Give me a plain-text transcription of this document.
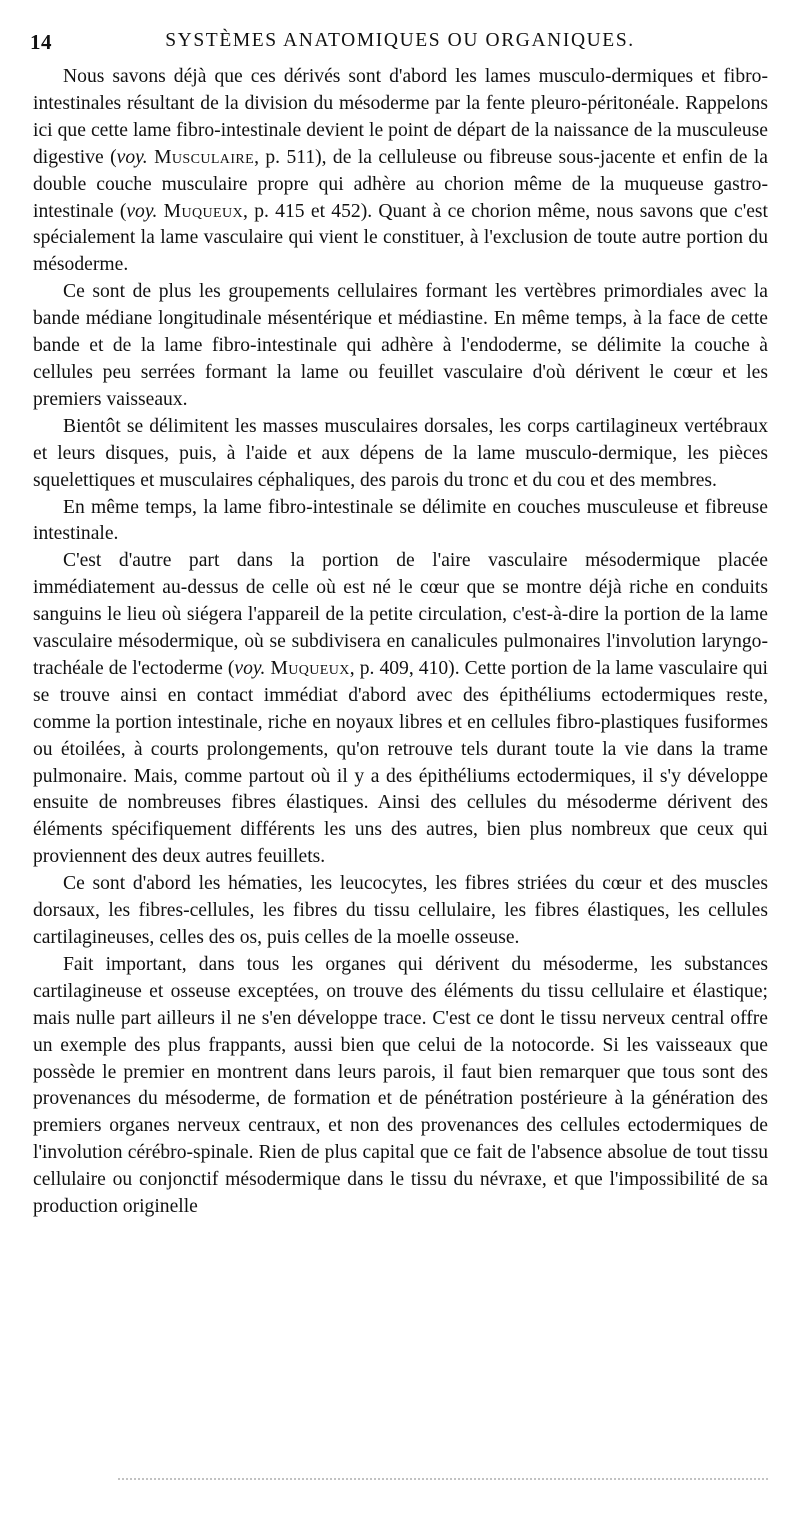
14	SYSTÈMES ANATOMIQUES OU ORGANIQUES.

Nous savons déjà que ces dérivés sont d'abord les lames musculo-dermiques et fibro-intestinales résultant de la division du mésoderme par la fente pleuro-péritonéale. Rappelons ici que cette lame fibro-intestinale devient le point de départ de la naissance de la musculeuse digestive (voy. Musculaire, p. 511), de la celluleuse ou fibreuse sous-jacente et enfin de la double couche musculaire propre qui adhère au chorion même de la muqueuse gastro-intestinale (voy. Muqueux, p. 415 et 452). Quant à ce chorion même, nous savons que c'est spécialement la lame vasculaire qui vient le constituer, à l'exclusion de toute autre portion du mésoderme.

Ce sont de plus les groupements cellulaires formant les vertèbres primordiales avec la bande médiane longitudinale mésentérique et médiastine. En même temps, à la face de cette bande et de la lame fibro-intestinale qui adhère à l'endoderme, se délimite la couche à cellules peu serrées formant la lame ou feuillet vasculaire d'où dérivent le cœur et les premiers vaisseaux.

Bientôt se délimitent les masses musculaires dorsales, les corps cartilagineux vertébraux et leurs disques, puis, à l'aide et aux dépens de la lame musculo-dermique, les pièces squelettiques et musculaires céphaliques, des parois du tronc et du cou et des membres.

En même temps, la lame fibro-intestinale se délimite en couches musculeuse et fibreuse intestinale.

C'est d'autre part dans la portion de l'aire vasculaire mésodermique placée immédiatement au-dessus de celle où est né le cœur que se montre déjà riche en conduits sanguins le lieu où siégera l'appareil de la petite circulation, c'est-à-dire la portion de la lame vasculaire mésodermique, où se subdivisera en canalicules pulmonaires l'involution laryngo-trachéale de l'ectoderme (voy. Muqueux, p. 409, 410). Cette portion de la lame vasculaire qui se trouve ainsi en contact immédiat d'abord avec des épithéliums ectodermiques reste, comme la portion intestinale, riche en noyaux libres et en cellules fibro-plastiques fusiformes ou étoilées, à courts prolongements, qu'on retrouve tels durant toute la vie dans la trame pulmonaire. Mais, comme partout où il y a des épithéliums ectodermiques, il s'y développe ensuite de nombreuses fibres élastiques. Ainsi des cellules du mésoderme dérivent des éléments spécifiquement différents les uns des autres, bien plus nombreux que ceux qui proviennent des deux autres feuillets.

Ce sont d'abord les hématies, les leucocytes, les fibres striées du cœur et des muscles dorsaux, les fibres-cellules, les fibres du tissu cellulaire, les fibres élastiques, les cellules cartilagineuses, celles des os, puis celles de la moelle osseuse.

Fait important, dans tous les organes qui dérivent du mésoderme, les substances cartilagineuse et osseuse exceptées, on trouve des éléments du tissu cellulaire et élastique; mais nulle part ailleurs il ne s'en développe trace. C'est ce dont le tissu nerveux central offre un exemple des plus frappants, aussi bien que celui de la notocorde. Si les vaisseaux que possède le premier en montrent dans leurs parois, il faut bien remarquer que tous sont des provenances du mésoderme, de formation et de pénétration postérieure à la génération des premiers organes nerveux centraux, et non des provenances des cellules ectodermiques de l'involution cérébro-spinale. Rien de plus capital que ce fait de l'absence absolue de tout tissu cellulaire ou conjonctif mésodermique dans le tissu du névraxe, et que l'impossibilité de sa production originelle
